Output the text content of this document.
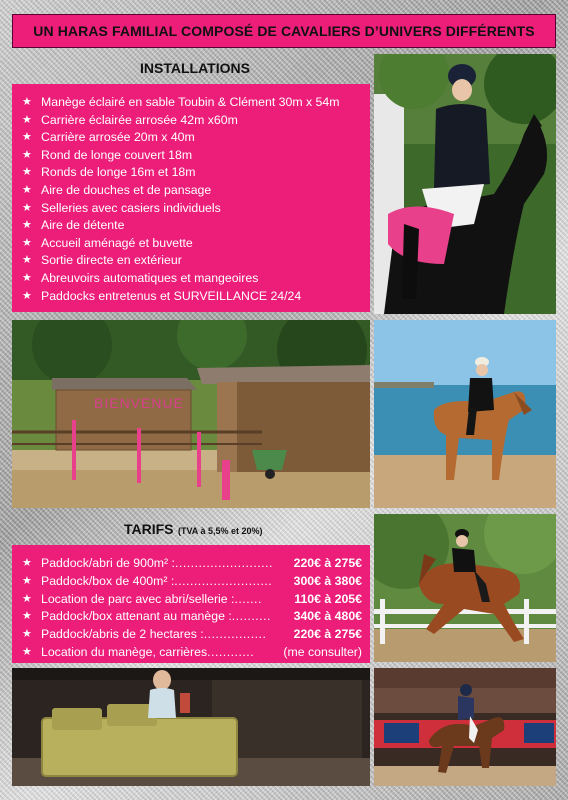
UN HARAS FAMILIAL COMPOSÉ DE CAVALIERS D’UNIVERS DIFFÉRENTS
INSTALLATIONS
★ Manège éclairé en sable Toubin & Clément 30m x 54m
★ Carrière éclairée arrosée 42m x60m
★ Carrière arrosée 20m x 40m
★ Rond de longe couvert 18m
★ Ronds de longe 16m et 18m
★ Aire de douches et de pansage
★ Selleries avec casiers individuels
★ Aire de détente
★ Accueil aménagé et buvette
★ Sortie directe en extérieur
★ Abreuvoirs automatiques et mangeoires
★ Paddocks entretenus et SURVEILLANCE 24/24
BIENVENUE
TARIFS (TVA à 5,5% et 20%)
★ Paddock/abri de 900m² : .........................	220€ à 275€
★ Paddock/box de 400m² : .........................	300€ à 380€
★ Location de parc avec abri/sellerie : .......	110€ à 205€
★ Paddock/box attenant au manège : ..........	340€ à 480€
★ Paddock/abris de 2 hectares : ................	220€ à 275€
★ Location du manège, carrières ............	(me consulter)
